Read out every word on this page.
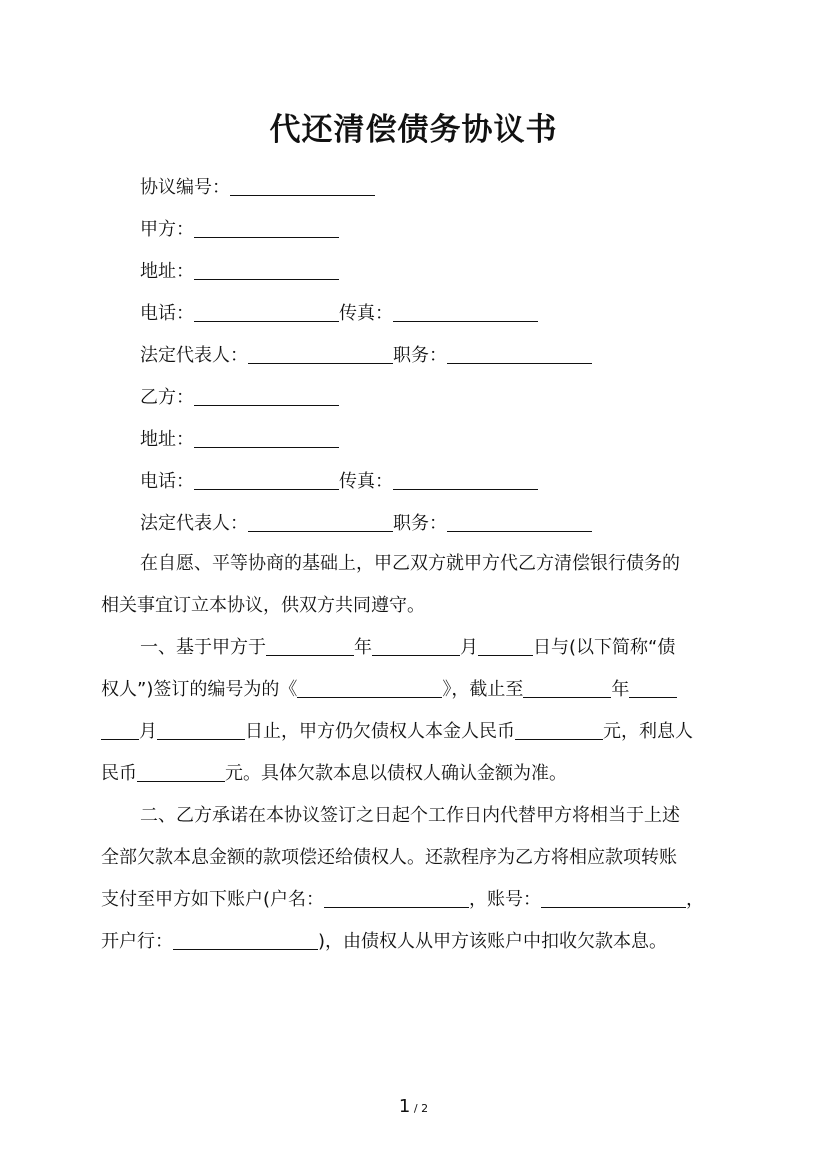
代还清偿债务协议书
协议编号：
甲方：
地址：
电话：	传真：
法定代表人：	职务：
乙方：
地址：
电话：	传真：
法定代表人：	职务：
在自愿、平等协商的基础上，甲乙双方就甲方代乙方清偿银行债务的
相关事宜订立本协议，供双方共同遵守。
一、基于甲方于	年	月	日与(以下简称“债
权人”)签订的编号为的《	》，截止至	年
月	日止，甲方仍欠债权人本金人民币	元，利息人
民币	元。具体欠款本息以债权人确认金额为准。
二、乙方承诺在本协议签订之日起个工作日内代替甲方将相当于上述
全部欠款本息金额的款项偿还给债权人。还款程序为乙方将相应款项转账
支付至甲方如下账户(户名：	，账号：	，
开户行：	)，由债权人从甲方该账户中扣收欠款本息。
1 / 2
